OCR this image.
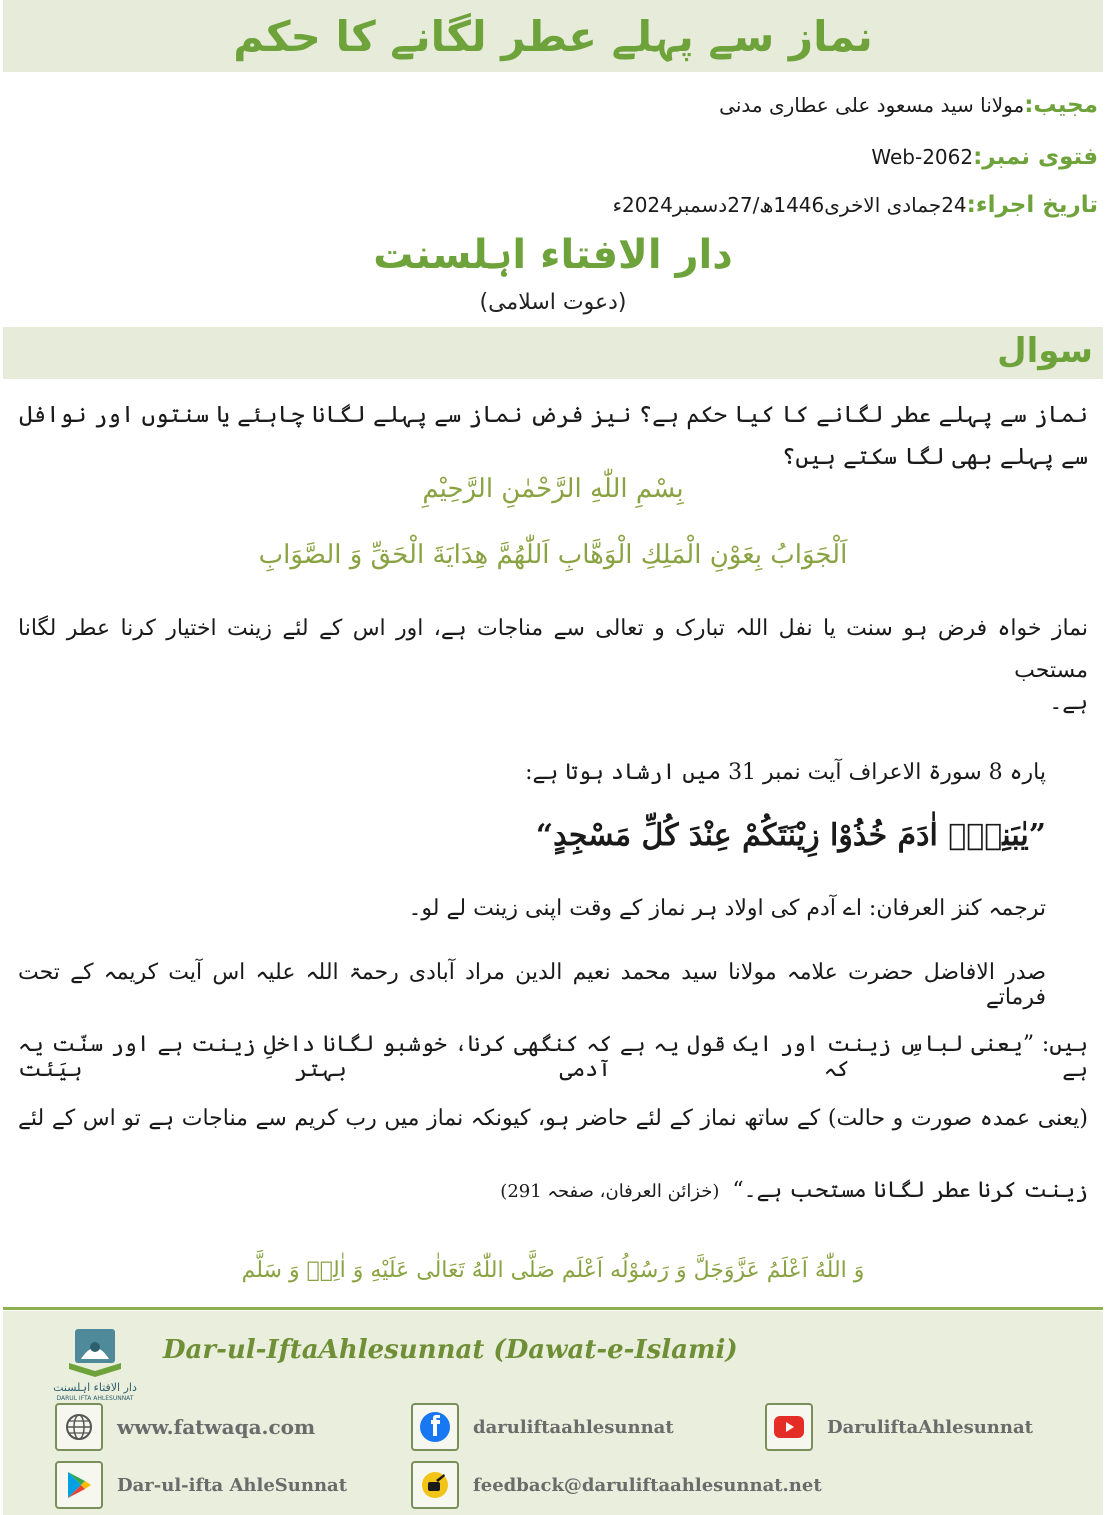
نماز سے پہلے عطر لگانے کا حکم
مجیب:مولانا سید مسعود علی عطاری مدنی
فتوی نمبر:Web-2062
تاریخ اجراء:24جمادی الاخری1446ھ/27دسمبر2024ء
دار الافتاء اہلسنت
(دعوت اسلامی)
سوال
نماز سے پہلے عطر لگانے کا کیا حکم ہے؟ نیز فرض نماز سے پہلے لگانا چاہئے یا سنتوں اور نوافل سے پہلے بھی لگا سکتے ہیں؟
بِسْمِ اللّٰهِ الرَّحْمٰنِ الرَّحِیْمِ
اَلْجَوَابُ بِعَوْنِ الْمَلِكِ الْوَهَّابِ اَللّٰهُمَّ هِدَايَةَ الْحَقِّ وَ الصَّوَابِ
نماز خواہ فرض ہو سنت یا نفل اللہ تبارک و تعالی سے مناجات ہے، اور اس کے لئے زینت اختیار کرنا عطر لگانا مستحب
ہے۔
پارہ 8 سورۃ الاعراف آیت نمبر 31 میں ارشاد ہوتا ہے:
”یٰبَنِیْۤ اٰدَمَ خُذُوْا زِیْنَتَكُمْ عِنْدَ كُلِّ مَسْجِدٍ“
ترجمہ کنز العرفان: اے آدم کی اولاد ہر نماز کے وقت اپنی زینت لے لو۔
صدر الافاضل حضرت علامہ مولانا سید محمد نعیم الدین مراد آبادی رحمۃ اللہ علیہ اس آیت کریمہ کے تحت فرماتے
ہیں: ”یعنی لباسِ زینت اور ایک قول یہ ہے کہ کنگھی کرنا، خوشبو لگانا داخلِ زینت ہے اور سنّت یہ ہے کہ آدمی بہتر ہیَئت
(یعنی عمدہ صورت و حالت) کے ساتھ نماز کے لئے حاضر ہو، کیونکہ نماز میں رب کریم سے مناجات ہے تو اس کے لئے
زینت کرنا عطر لگانا مستحب ہے۔“ (خزائن العرفان، صفحہ 291)
وَ اللّٰهُ اَعْلَمُ عَزَّوَجَلَّ وَ رَسُوْلُه اَعْلَم صَلَّى اللّٰهُ تَعَالٰى عَلَيْهِ وَ اٰلِهٖ وَ سَلَّم
دار الافتاء اہلسنت
DARUL IFTA AHLESUNNAT
Dar-ul-IftaAhlesunnat (Dawat-e-Islami)
www.fatwaqa.com	daruliftaahlesunnat	DaruliftaAhlesunnat
Dar-ul-ifta AhleSunnat	feedback@daruliftaahlesunnat.net
